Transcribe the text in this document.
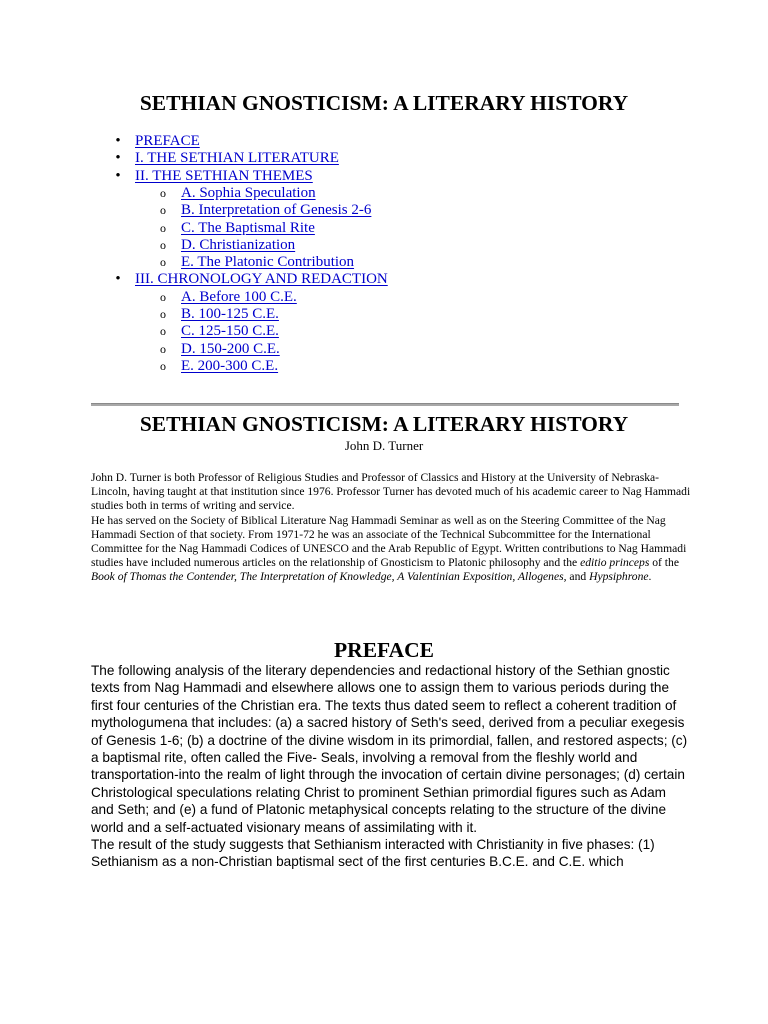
SETHIAN GNOSTICISM: A LITERARY HISTORY
• PREFACE
• I. THE SETHIAN LITERATURE
• II. THE SETHIAN THEMES
o A. Sophia Speculation
o B. Interpretation of Genesis 2-6
o C. The Baptismal Rite
o D. Christianization
o E. The Platonic Contribution
• III. CHRONOLOGY AND REDACTION
o A. Before 100 C.E.
o B. 100-125 C.E.
o C. 125-150 C.E.
o D. 150-200 C.E.
o E. 200-300 C.E.
SETHIAN GNOSTICISM: A LITERARY HISTORY
John D. Turner

John D. Turner is both Professor of Religious Studies and Professor of Classics and History at the University of Nebraska-Lincoln, having taught at that institution since 1976. Professor Turner has devoted much of his academic career to Nag Hammadi studies both in terms of writing and service.

He has served on the Society of Biblical Literature Nag Hammadi Seminar as well as on the Steering Committee of the Nag Hammadi Section of that society. From 1971-72 he was an associate of the Technical Subcommittee for the International Committee for the Nag Hammadi Codices of UNESCO and the Arab Republic of Egypt. Written contributions to Nag Hammadi studies have included numerous articles on the relationship of Gnosticism to Platonic philosophy and the editio princeps of the Book of Thomas the Contender, The Interpretation of Knowledge, A Valentinian Exposition, Allogenes, and Hypsiphrone.

PREFACE

The following analysis of the literary dependencies and redactional history of the Sethian gnostic texts from Nag Hammadi and elsewhere allows one to assign them to various periods during the first four centuries of the Christian era. The texts thus dated seem to reflect a coherent tradition of mythologumena that includes: (a) a sacred history of Seth's seed, derived from a peculiar exegesis of Genesis 1-6; (b) a doctrine of the divine wisdom in its primordial, fallen, and restored aspects; (c) a baptismal rite, often called the Five- Seals, involving a removal from the fleshly world and transportation-into the realm of light through the invocation of certain divine personages; (d) certain Christological speculations relating Christ to prominent Sethian primordial figures such as Adam and Seth; and (e) a fund of Platonic metaphysical concepts relating to the structure of the divine world and a self-actuated visionary means of assimilating with it.

The result of the study suggests that Sethianism interacted with Christianity in five phases: (1) Sethianism as a non-Christian baptismal sect of the first centuries B.C.E. and C.E. which
